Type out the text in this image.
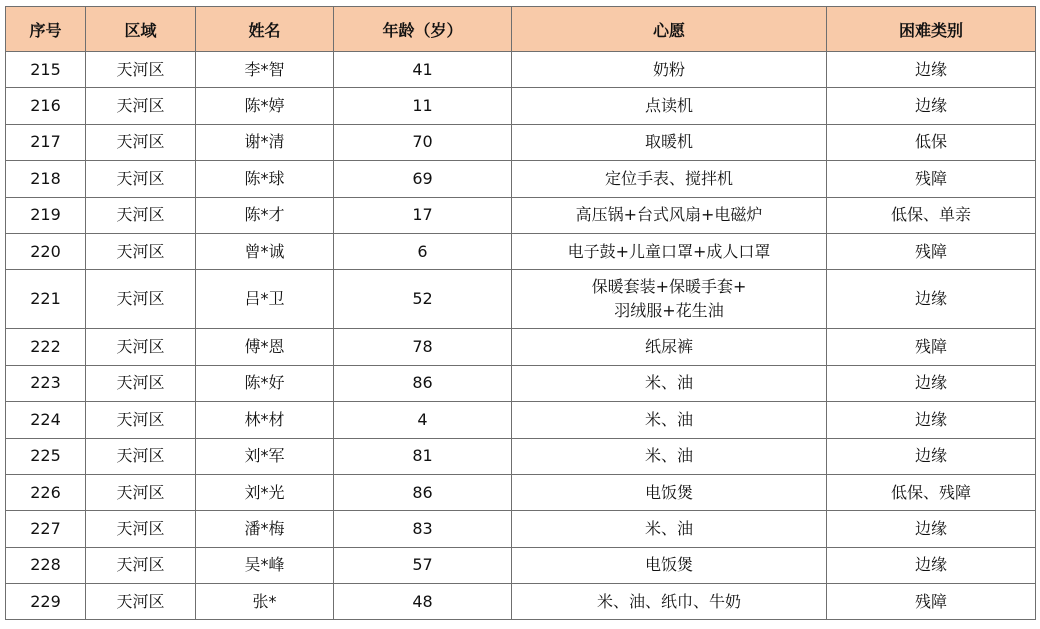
序号	区域	姓名	年龄（岁）	心愿	困难类别
215	天河区	李*智	41	奶粉	边缘
216	天河区	陈*婷	11	点读机	边缘
217	天河区	谢*清	70	取暖机	低保
218	天河区	陈*球	69	定位手表、搅拌机	残障
219	天河区	陈*才	17	高压锅+台式风扇+电磁炉	低保、单亲
220	天河区	曾*诚	6	电子鼓+儿童口罩+成人口罩	残障
221	天河区	吕*卫	52	保暖套装+保暖手套+
羽绒服+花生油	边缘
222	天河区	傅*恩	78	纸尿裤	残障
223	天河区	陈*好	86	米、油	边缘
224	天河区	林*材	4	米、油	边缘
225	天河区	刘*军	81	米、油	边缘
226	天河区	刘*光	86	电饭煲	低保、残障
227	天河区	潘*梅	83	米、油	边缘
228	天河区	吴*峰	57	电饭煲	边缘
229	天河区	张*	48	米、油、纸巾、牛奶	残障
